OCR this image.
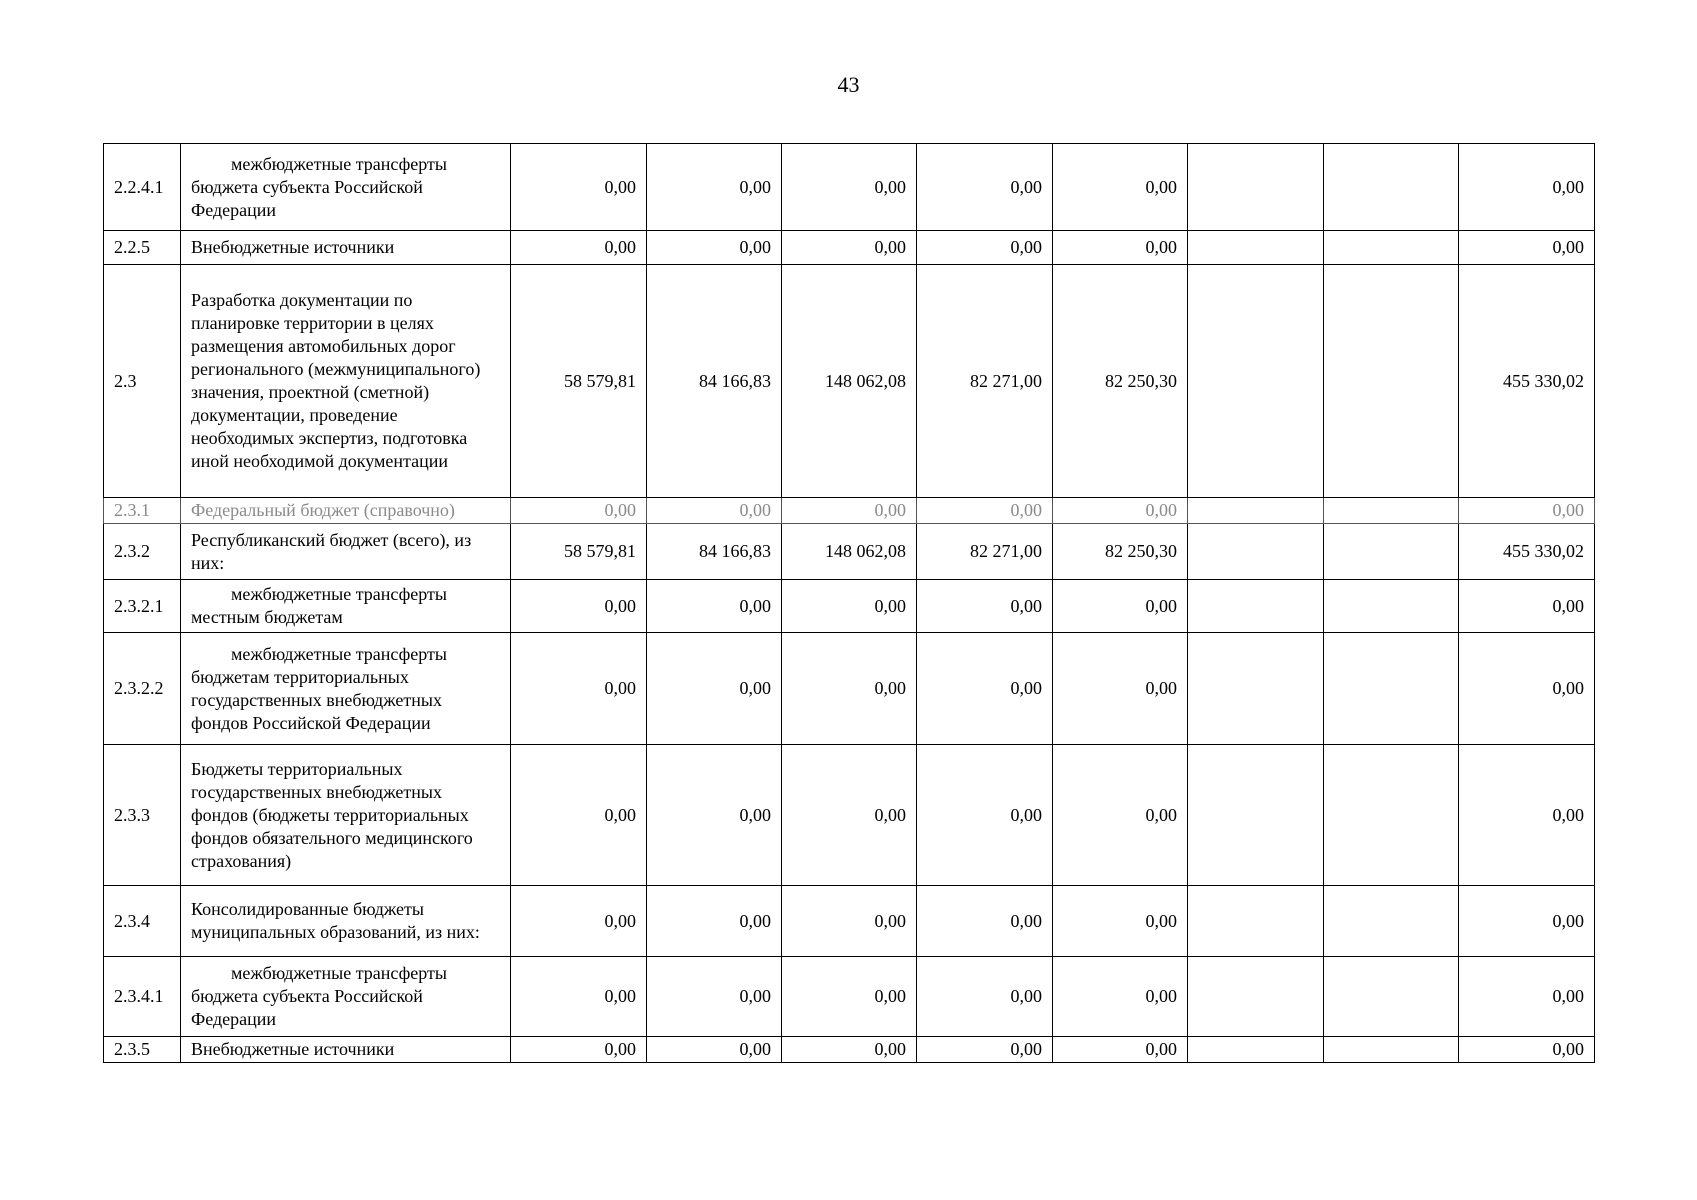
43
2.2.4.1	межбюджетные трансферты бюджета субъекта Российской Федерации	0,00	0,00	0,00	0,00	0,00			0,00
2.2.5	Внебюджетные источники	0,00	0,00	0,00	0,00	0,00			0,00
2.3	Разработка документации по планировке территории в целях размещения автомобильных дорог регионального (межмуниципального) значения, проектной (сметной) документации, проведение необходимых экспертиз, подготовка иной необходимой документации	58 579,81	84 166,83	148 062,08	82 271,00	82 250,30			455 330,02
2.3.1	Федеральный бюджет (справочно)	0,00	0,00	0,00	0,00	0,00			0,00
2.3.2	Республиканский бюджет (всего), из них:	58 579,81	84 166,83	148 062,08	82 271,00	82 250,30			455 330,02
2.3.2.1	межбюджетные трансферты местным бюджетам	0,00	0,00	0,00	0,00	0,00			0,00
2.3.2.2	межбюджетные трансферты бюджетам территориальных государственных внебюджетных фондов Российской Федерации	0,00	0,00	0,00	0,00	0,00			0,00
2.3.3	Бюджеты территориальных государственных внебюджетных фондов (бюджеты территориальных фондов обязательного медицинского страхования)	0,00	0,00	0,00	0,00	0,00			0,00
2.3.4	Консолидированные бюджеты муниципальных образований, из них:	0,00	0,00	0,00	0,00	0,00			0,00
2.3.4.1	межбюджетные трансферты бюджета субъекта Российской Федерации	0,00	0,00	0,00	0,00	0,00			0,00
2.3.5	Внебюджетные источники	0,00	0,00	0,00	0,00	0,00			0,00
